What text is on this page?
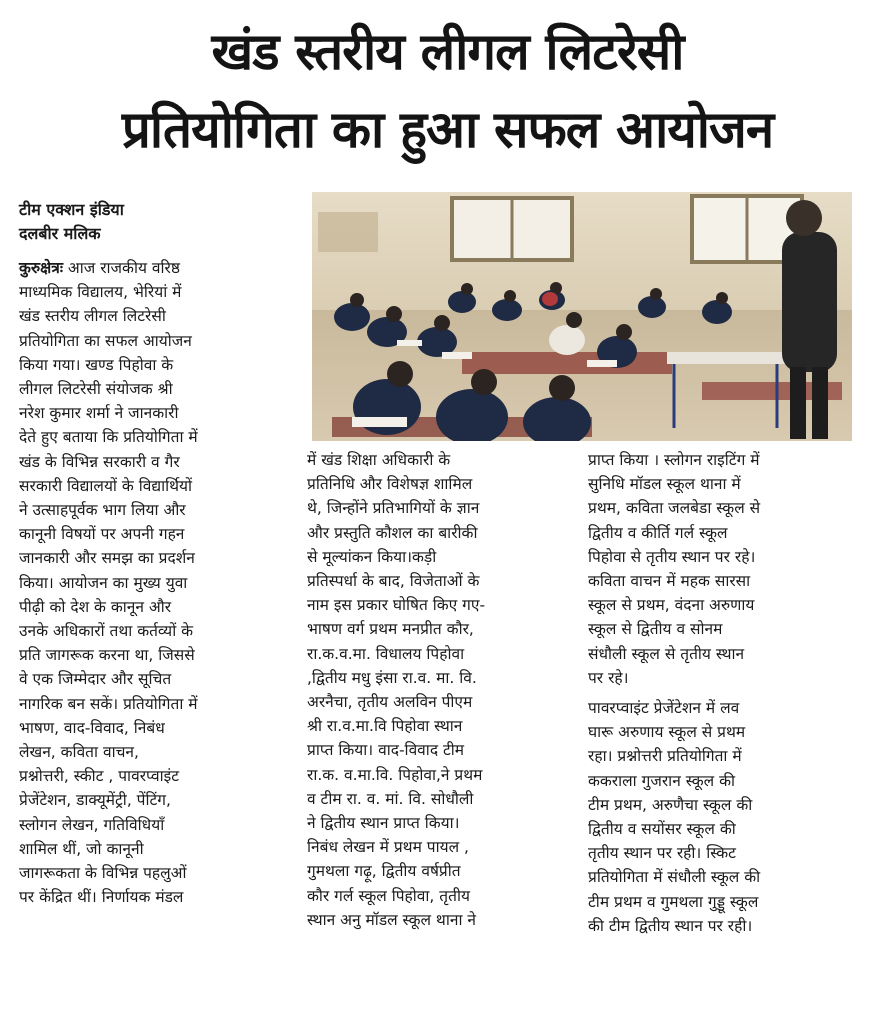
खंड स्तरीय लीगल लिटरेसी
प्रतियोगिता का हुआ सफल आयोजन
टीम एक्शन इंडिया
दलबीर मलिक
कुरुक्षेत्रः आज राजकीय वरिष्ठ
माध्यमिक विद्यालय, भेरियां में
खंड स्तरीय लीगल लिटरेसी
प्रतियोगिता का सफल आयोजन
किया गया। खण्ड पिहोवा के
लीगल लिटरेसी संयोजक श्री
नरेश कुमार शर्मा ने जानकारी
देते हुए बताया कि प्रतियोगिता में
खंड के विभिन्न सरकारी व गैर
सरकारी विद्यालयों के विद्यार्थियों
ने उत्साहपूर्वक भाग लिया और
कानूनी विषयों पर अपनी गहन
जानकारी और समझ का प्रदर्शन
किया। आयोजन का मुख्य युवा
पीढ़ी को देश के कानून और
उनके अधिकारों तथा कर्तव्यों के
प्रति जागरूक करना था, जिससे
वे एक जिम्मेदार और सूचित
नागरिक बन सकें। प्रतियोगिता में
भाषण, वाद-विवाद, निबंध
लेखन, कविता वाचन,
प्रश्नोत्तरी, स्कीट , पावरप्वाइंट
प्रेजेंटेशन, डाक्यूमेंट्री, पेंटिंग,
स्लोगन लेखन, गतिविधियाँ
शामिल थीं, जो कानूनी
जागरूकता के विभिन्न पहलुओं
पर केंद्रित थीं। निर्णायक मंडल
में खंड शिक्षा अधिकारी के
प्रतिनिधि और विशेषज्ञ शामिल
थे, जिन्होंने प्रतिभागियों के ज्ञान
और प्रस्तुति कौशल का बारीकी
से मूल्यांकन किया।कड़ी
प्रतिस्पर्धा के बाद, विजेताओं के
नाम इस प्रकार घोषित किए गए-
भाषण वर्ग प्रथम मनप्रीत कौर,
रा.क.व.मा. विधालय पिहोवा
,द्वितीय मधु इंसा रा.व. मा. वि.
अरनैचा, तृतीय अलविन पीएम
श्री रा.व.मा.वि पिहोवा स्थान
प्राप्त किया। वाद-विवाद टीम
रा.क. व.मा.वि. पिहोवा,ने प्रथम
व टीम रा. व. मां. वि. सोधौली
ने द्वितीय स्थान प्राप्त किया।
निबंध लेखन में प्रथम पायल ,
गुमथला गढ़ू, द्वितीय वर्षप्रीत
कौर गर्ल स्कूल पिहोवा, तृतीय
स्थान अनु मॉडल स्कूल थाना ने
प्राप्त किया । स्लोगन राइटिंग में
सुनिधि मॉडल स्कूल थाना में
प्रथम, कविता जलबेडा स्कूल से
द्वितीय व कीर्ति गर्ल स्कूल
पिहोवा से तृतीय स्थान पर रहे।
कविता वाचन में महक सारसा
स्कूल से प्रथम, वंदना अरुणाय
स्कूल से द्वितीय व सोनम
संधौली स्कूल से तृतीय स्थान
पर रहे।
पावरप्वाइंट प्रेजेंटेशन में लव
घारू अरुणाय स्कूल से प्रथम
रहा। प्रश्नोत्तरी प्रतियोगिता में
ककराला गुजरान स्कूल की
टीम प्रथम, अरुणैचा स्कूल की
द्वितीय व सयोंसर स्कूल की
तृतीय स्थान पर रही। स्किट
प्रतियोगिता में संधौली स्कूल की
टीम प्रथम व गुमथला गुड्डू स्कूल
की टीम द्वितीय स्थान पर रही।
